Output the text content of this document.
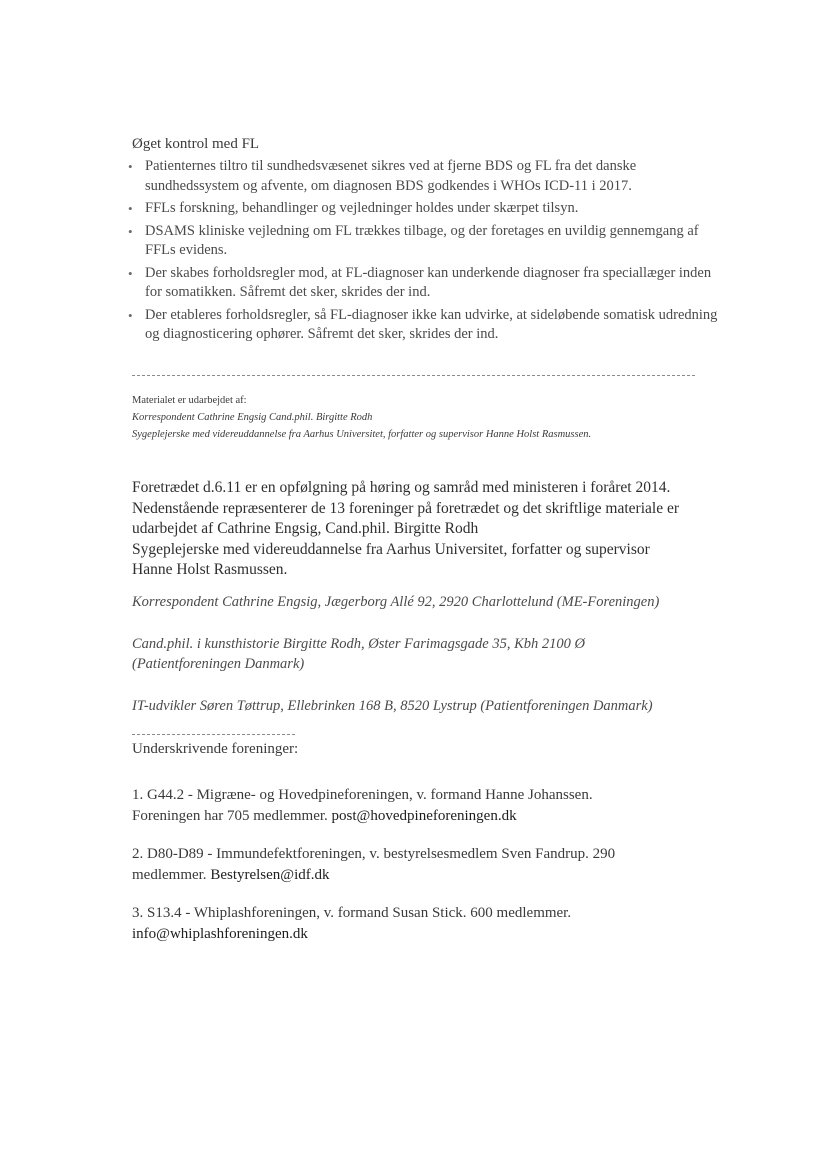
Øget kontrol med FL
• Patienternes tiltro til sundhedsvæsenet sikres ved at fjerne BDS og FL fra det danske sundhedssystem og afvente, om diagnosen BDS godkendes i WHOs ICD-11 i 2017.
• FFLs forskning, behandlinger og vejledninger holdes under skærpet tilsyn.
• DSAMS kliniske vejledning om FL trækkes tilbage, og der foretages en uvildig gennemgang af FFLs evidens.
• Der skabes forholdsregler mod, at FL-diagnoser kan underkende diagnoser fra speciallæger inden for somatikken. Såfremt det sker, skrides der ind.
• Der etableres forholdsregler, så FL-diagnoser ikke kan udvirke, at sideløbende somatisk udredning og diagnosticering ophører. Såfremt det sker, skrides der ind.
Materialet er udarbejdet af:
Korrespondent Cathrine Engsig Cand.phil. Birgitte Rodh
Sygeplejerske med videreuddannelse fra Aarhus Universitet, forfatter og supervisor Hanne Holst Rasmussen.
Foretrædet d.6.11 er en opfølgning på høring og samråd med ministeren i foråret 2014.
Nedenstående repræsenterer de 13 foreninger på foretrædet og det skriftlige materiale er
udarbejdet af Cathrine Engsig, Cand.phil. Birgitte Rodh
Sygeplejerske med videreuddannelse fra Aarhus Universitet, forfatter og supervisor
Hanne Holst Rasmussen.

Korrespondent Cathrine Engsig, Jægerborg Allé 92, 2920 Charlottelund (ME-Foreningen)

Cand.phil. i kunsthistorie Birgitte Rodh, Øster Farimagsgade 35, Kbh 2100 Ø
(Patientforeningen Danmark)

IT-udvikler Søren Tøttrup, Ellebrinken 168 B, 8520 Lystrup (Patientforeningen Danmark)

Underskrivende foreninger:

1. G44.2 - Migræne- og Hovedpineforeningen, v. formand Hanne Johanssen.
Foreningen har 705 medlemmer. post@hovedpineforeningen.dk

2. D80-D89 - Immundefektforeningen, v. bestyrelsesmedlem Sven Fandrup. 290
medlemmer. Bestyrelsen@idf.dk

3. S13.4 - Whiplashforeningen, v. formand Susan Stick. 600 medlemmer.
info@whiplashforeningen.dk
